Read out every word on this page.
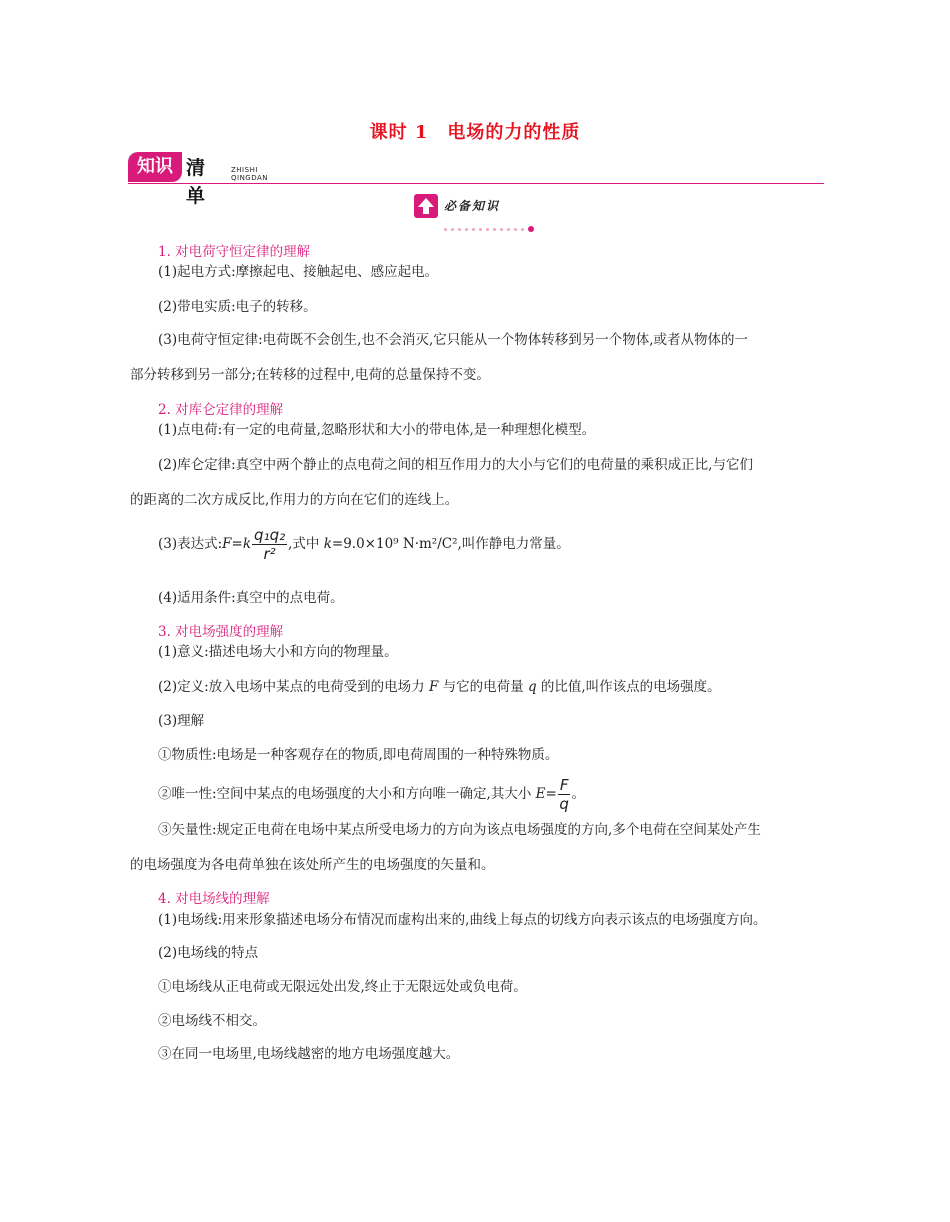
课时 1　电场的力的性质
知识 清单
ZHISHI QINGDAN
必备知识
1. 对电荷守恒定律的理解
(1)起电方式:摩擦起电、接触起电、感应起电。
(2)带电实质:电子的转移。
(3)电荷守恒定律:电荷既不会创生,也不会消灭,它只能从一个物体转移到另一个物体,或者从物体的一
部分转移到另一部分;在转移的过程中,电荷的总量保持不变。
2. 对库仑定律的理解
(1)点电荷:有一定的电荷量,忽略形状和大小的带电体,是一种理想化模型。
(2)库仑定律:真空中两个静止的点电荷之间的相互作用力的大小与它们的电荷量的乘积成正比,与它们
的距离的二次方成反比,作用力的方向在它们的连线上。
(3)表达式:F=k $\frac{\text{q₁q₂}}{\text{r²}}$ ,式中 k=9.0×10⁹ N·m²/C²,叫作静电力常量。
(4)适用条件:真空中的点电荷。
3. 对电场强度的理解
(1)意义:描述电场大小和方向的物理量。
(2)定义:放入电场中某点的电荷受到的电场力 F 与它的电荷量 q 的比值,叫作该点的电场强度。
(3)理解
①物质性:电场是一种客观存在的物质,即电荷周围的一种特殊物质。
②唯一性:空间中某点的电场强度的大小和方向唯一确定,其大小 $E= \frac{F}{q}$ 。
③矢量性:规定正电荷在电场中某点所受电场力的方向为该点电场强度的方向,多个电荷在空间某处产生
的电场强度为各电荷单独在该处所产生的电场强度的矢量和。
4. 对电场线的理解
(1)电场线:用来形象描述电场分布情况而虚构出来的,曲线上每点的切线方向表示该点的电场强度方向。
(2)电场线的特点
①电场线从正电荷或无限远处出发,终止于无限远处或负电荷。
②电场线不相交。
③在同一电场里,电场线越密的地方电场强度越大。
